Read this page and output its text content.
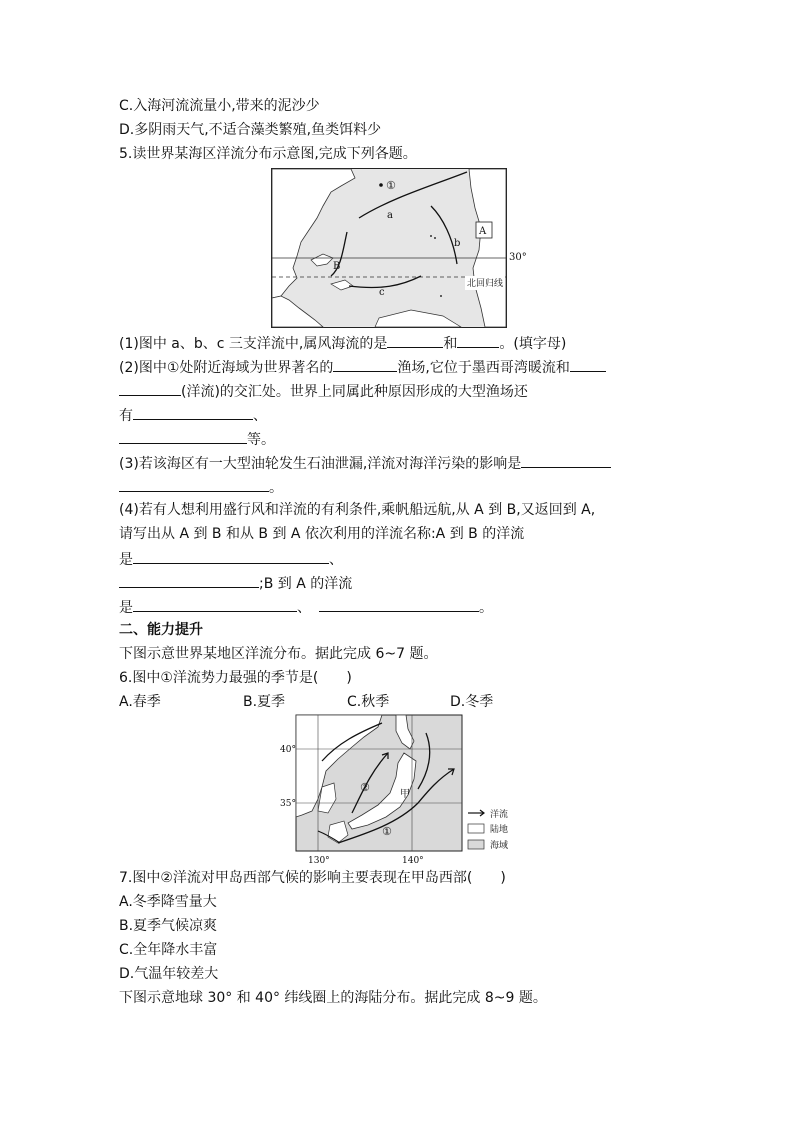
C.入海河流流量小,带来的泥沙少
D.多阴雨天气,不适合藻类繁殖,鱼类饵料少
5.读世界某海区洋流分布示意图,完成下列各题。
①
a
b
c
A
B
北回归线
30°
(1)图中 a、b、c 三支洋流中,属风海流的是	和	。(填字母)
(2)图中①处附近海域为世界著名的	渔场,它位于墨西哥湾暖流和
(洋流)的交汇处。世界上同属此种原因形成的大型渔场还
有	、
等。
(3)若该海区有一大型油轮发生石油泄漏,洋流对海洋污染的影响是
。
(4)若有人想利用盛行风和洋流的有利条件,乘帆船远航,从 A 到 B,又返回到 A,
请写出从 A 到 B 和从 B 到 A 依次利用的洋流名称:A 到 B 的洋流
是	、
;B 到 A 的洋流
是	、	。
二、能力提升
下图示意世界某地区洋流分布。据此完成 6~7 题。
6.图中①洋流势力最强的季节是(　　)
A.春季	B.夏季	C.秋季	D.冬季
40°
35°
130°	140°
②
①
甲
洋流
陆地
海域
7.图中②洋流对甲岛西部气候的影响主要表现在甲岛西部(　　)
A.冬季降雪量大
B.夏季气候凉爽
C.全年降水丰富
D.气温年较差大
下图示意地球 30° 和 40° 纬线圈上的海陆分布。据此完成 8~9 题。
